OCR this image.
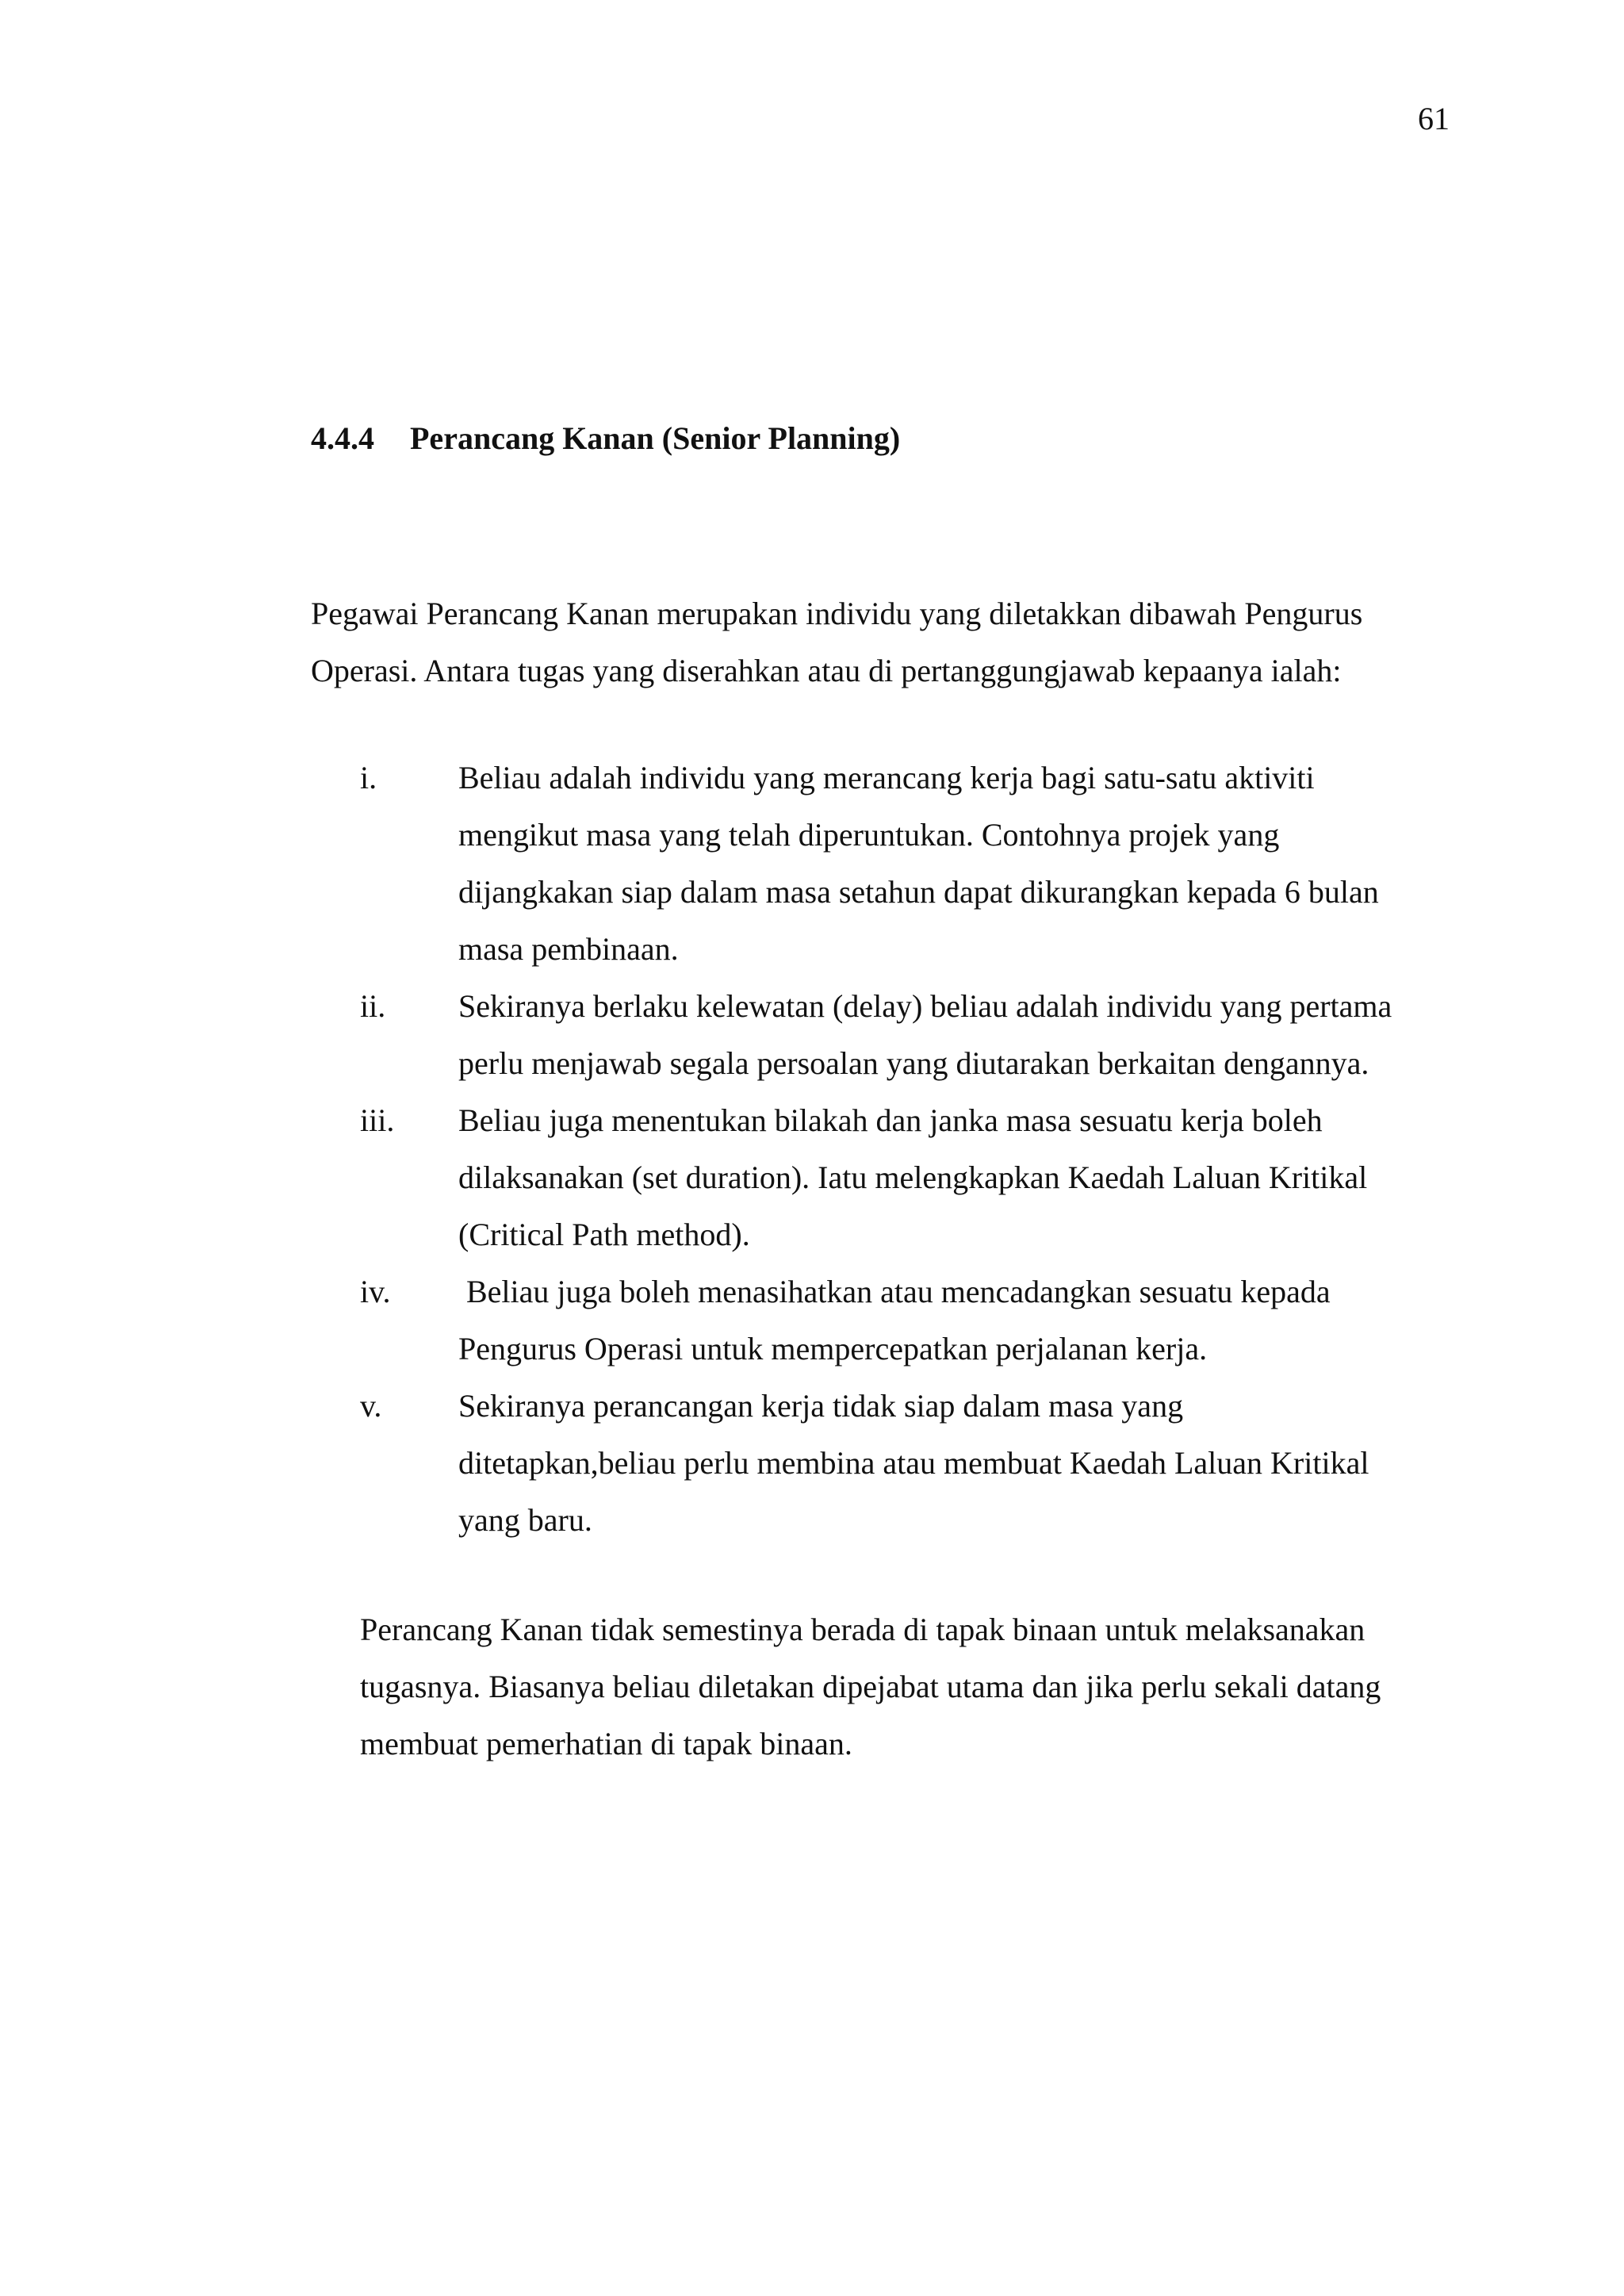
61
4.4.4 Perancang Kanan (Senior Planning)
Pegawai Perancang Kanan merupakan individu yang diletakkan dibawah Pengurus
Operasi. Antara tugas yang diserahkan atau di pertanggungjawab kepaanya ialah:
i.	Beliau adalah individu yang merancang kerja bagi satu-satu aktiviti
mengikut masa yang telah diperuntukan. Contohnya projek yang
dijangkakan siap dalam masa setahun dapat dikurangkan kepada 6 bulan
masa pembinaan.
ii.	Sekiranya berlaku kelewatan (delay) beliau adalah individu yang pertama
perlu menjawab segala persoalan yang diutarakan berkaitan dengannya.
iii.	Beliau juga menentukan bilakah dan janka masa sesuatu kerja boleh
dilaksanakan (set duration). Iatu melengkapkan Kaedah Laluan Kritikal
(Critical Path method).
iv.	Beliau juga boleh menasihatkan atau mencadangkan sesuatu kepada
Pengurus Operasi untuk mempercepatkan perjalanan kerja.
v.	Sekiranya perancangan kerja tidak siap dalam masa yang
ditetapkan,beliau perlu membina atau membuat Kaedah Laluan Kritikal
yang baru.
Perancang Kanan tidak semestinya berada di tapak binaan untuk melaksanakan
tugasnya. Biasanya beliau diletakan dipejabat utama dan jika perlu sekali datang
membuat pemerhatian di tapak binaan.
